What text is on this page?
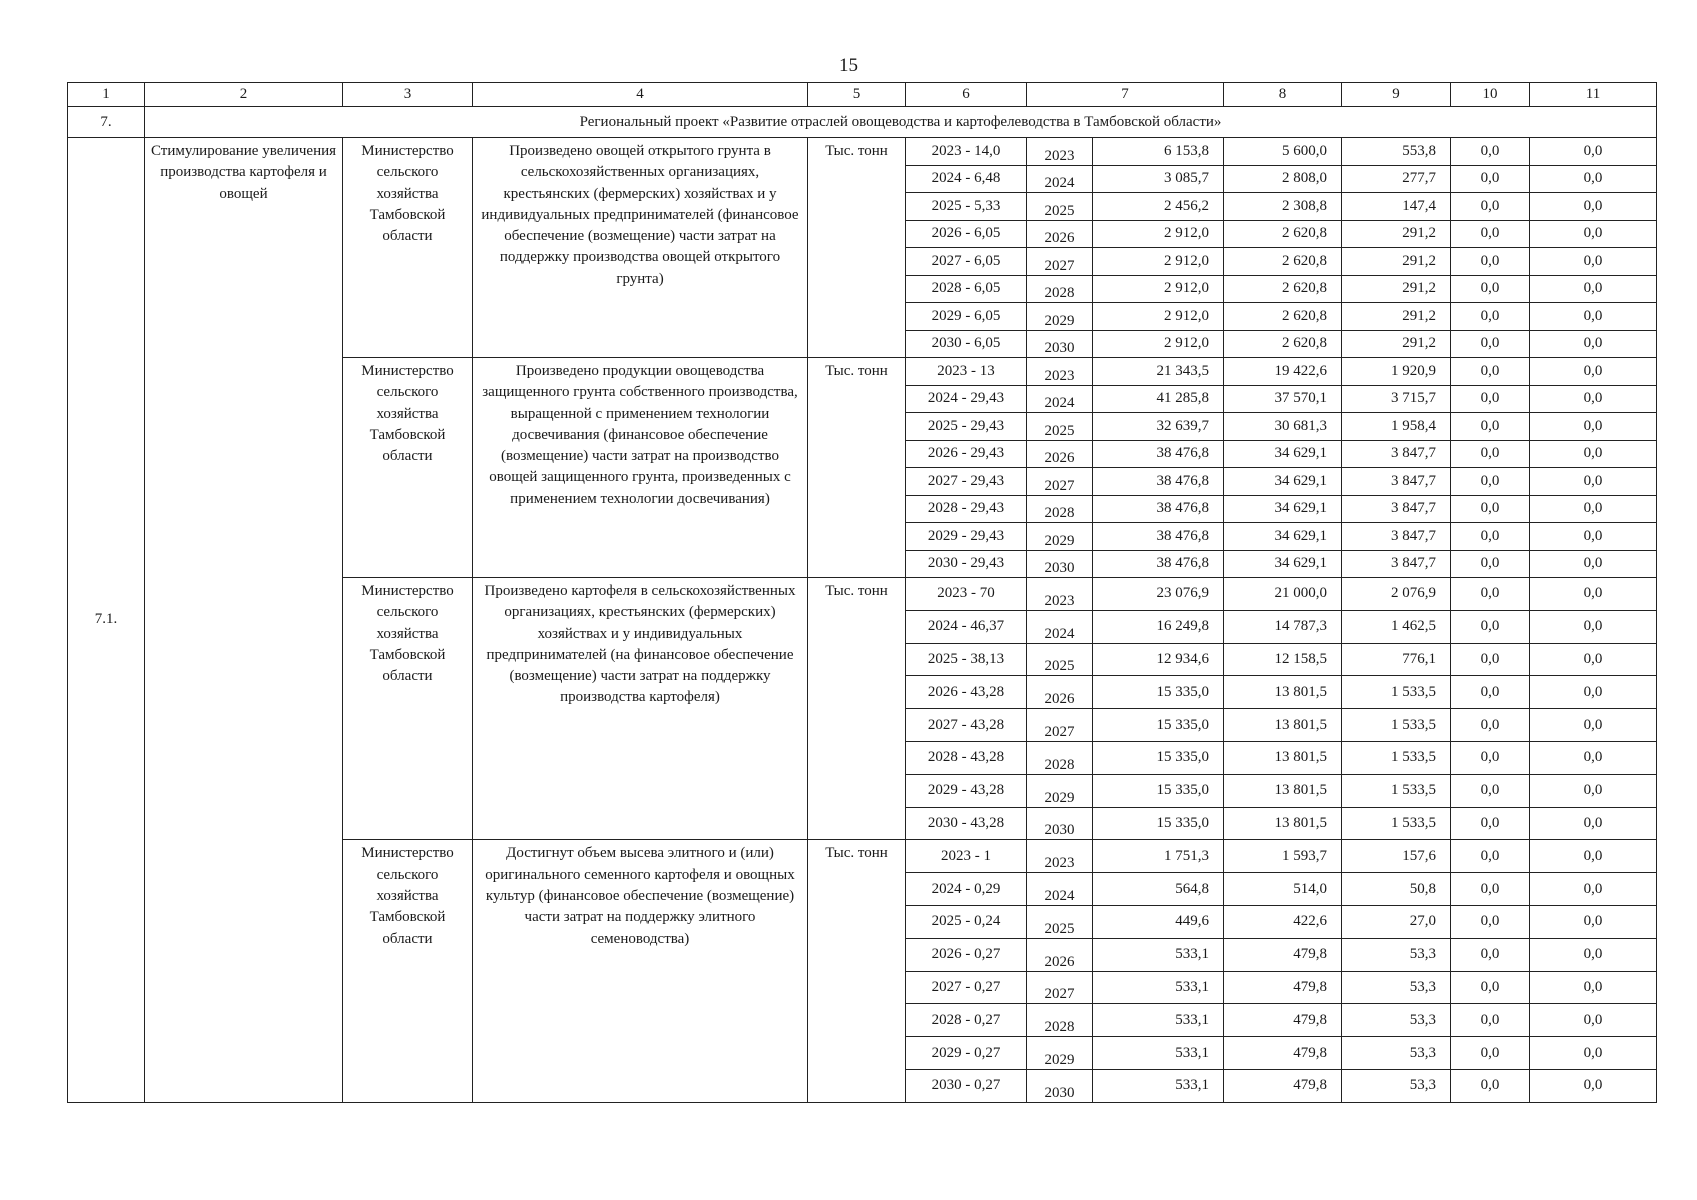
15
1	2	3	4	5	6	7		8	9	10	11
7.	Региональный проект «Развитие отраслей овощеводства и картофелеводства в Тамбовской области»										
7.1.	Стимулирование увеличения производства картофеля и овощей	Министерство сельского хозяйства Тамбовской области	Произведено овощей открытого грунта в сельскохозяйственных организациях, крестьянских (фермерских) хозяйствах и у индивидуальных предпринимателей (финансовое обеспечение (возмещение) части затрат на поддержку производства овощей открытого грунта)	Тыс. тонн	2023 - 14,0	2023	6 153,8	5 600,0	553,8	0,0	0,0
					2024 - 6,48	2024	3 085,7	2 808,0	277,7	0,0	0,0
					2025 - 5,33	2025	2 456,2	2 308,8	147,4	0,0	0,0
					2026 - 6,05	2026	2 912,0	2 620,8	291,2	0,0	0,0
					2027 - 6,05	2027	2 912,0	2 620,8	291,2	0,0	0,0
					2028 - 6,05	2028	2 912,0	2 620,8	291,2	0,0	0,0
					2029 - 6,05	2029	2 912,0	2 620,8	291,2	0,0	0,0
					2030 - 6,05	2030	2 912,0	2 620,8	291,2	0,0	0,0
		Министерство сельского хозяйства Тамбовской области	Произведено продукции овощеводства защищенного грунта собственного производства, выращенной с применением технологии досвечивания (финансовое обеспечение (возмещение) части затрат на производство овощей защищенного грунта, произведенных с применением технологии досвечивания)	Тыс. тонн	2023 - 13	2023	21 343,5	19 422,6	1 920,9	0,0	0,0
					2024 - 29,43	2024	41 285,8	37 570,1	3 715,7	0,0	0,0
					2025 - 29,43	2025	32 639,7	30 681,3	1 958,4	0,0	0,0
					2026 - 29,43	2026	38 476,8	34 629,1	3 847,7	0,0	0,0
					2027 - 29,43	2027	38 476,8	34 629,1	3 847,7	0,0	0,0
					2028 - 29,43	2028	38 476,8	34 629,1	3 847,7	0,0	0,0
					2029 - 29,43	2029	38 476,8	34 629,1	3 847,7	0,0	0,0
					2030 - 29,43	2030	38 476,8	34 629,1	3 847,7	0,0	0,0
		Министерство сельского хозяйства Тамбовской области	Произведено картофеля в сельскохозяйственных организациях, крестьянских (фермерских) хозяйствах и у индивидуальных предпринимателей (на финансовое обеспечение (возмещение) части затрат на поддержку производства картофеля)	Тыс. тонн	2023 - 70	2023	23 076,9	21 000,0	2 076,9	0,0	0,0
					2024 - 46,37	2024	16 249,8	14 787,3	1 462,5	0,0	0,0
					2025 - 38,13	2025	12 934,6	12 158,5	776,1	0,0	0,0
					2026 - 43,28	2026	15 335,0	13 801,5	1 533,5	0,0	0,0
					2027 - 43,28	2027	15 335,0	13 801,5	1 533,5	0,0	0,0
					2028 - 43,28	2028	15 335,0	13 801,5	1 533,5	0,0	0,0
					2029 - 43,28	2029	15 335,0	13 801,5	1 533,5	0,0	0,0
					2030 - 43,28	2030	15 335,0	13 801,5	1 533,5	0,0	0,0
		Министерство сельского хозяйства Тамбовской области	Достигнут объем высева элитного и (или) оригинального семенного картофеля и овощных культур (финансовое обеспечение (возмещение) части затрат на поддержку элитного семеноводства)	Тыс. тонн	2023 - 1	2023	1 751,3	1 593,7	157,6	0,0	0,0
					2024 - 0,29	2024	564,8	514,0	50,8	0,0	0,0
					2025 - 0,24	2025	449,6	422,6	27,0	0,0	0,0
					2026 - 0,27	2026	533,1	479,8	53,3	0,0	0,0
					2027 - 0,27	2027	533,1	479,8	53,3	0,0	0,0
					2028 - 0,27	2028	533,1	479,8	53,3	0,0	0,0
					2029 - 0,27	2029	533,1	479,8	53,3	0,0	0,0
					2030 - 0,27	2030	533,1	479,8	53,3	0,0	0,0
